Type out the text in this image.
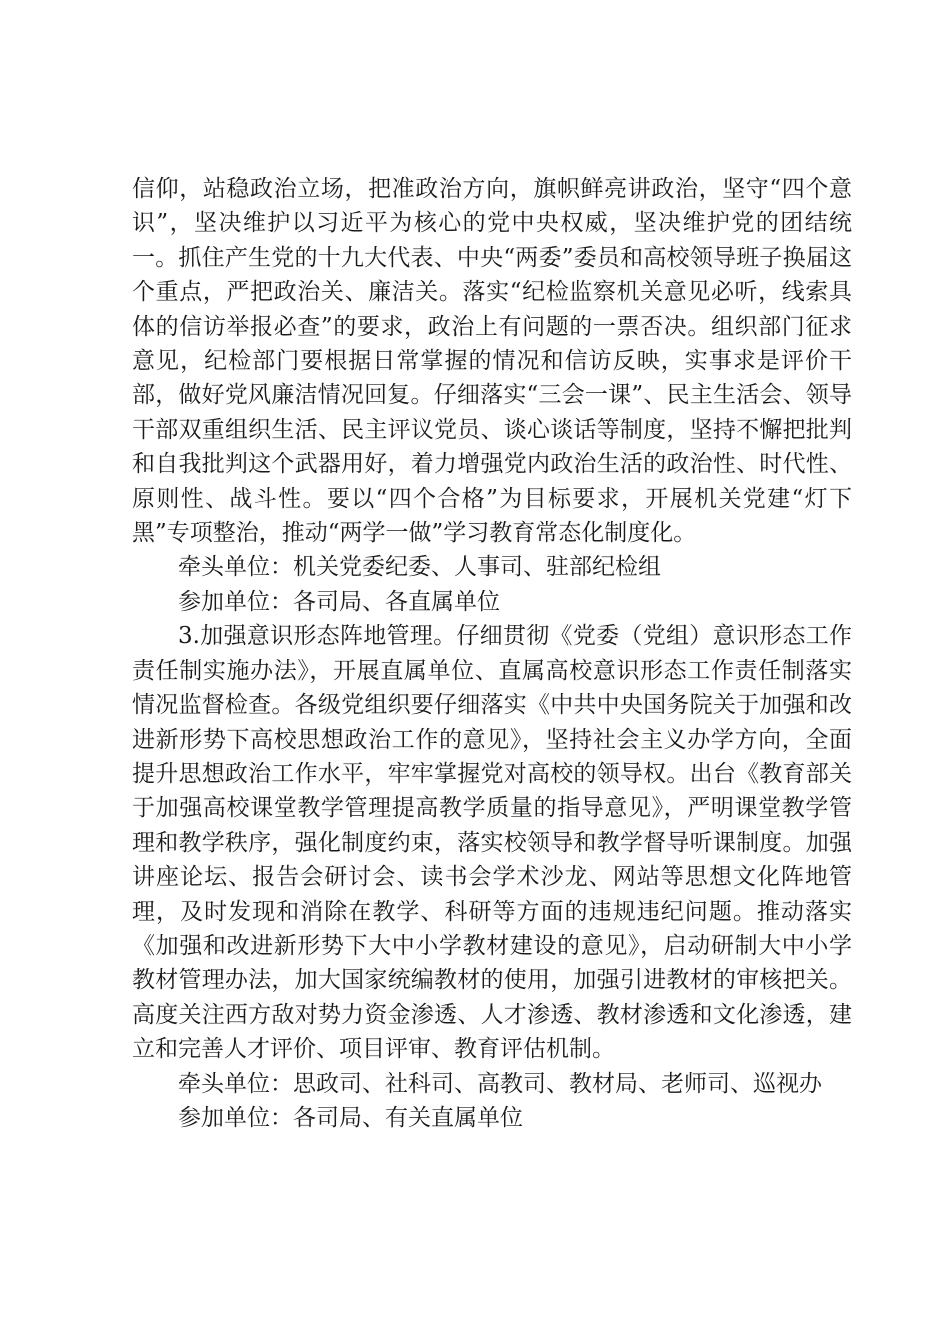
信仰，站稳政治立场，把准政治方向，旗帜鲜亮讲政治，坚守“四个意识”，坚决维护以习近平为核心的党中央权威，坚决维护党的团结统一。抓住产生党的十九大代表、中央“两委”委员和高校领导班子换届这个重点，严把政治关、廉洁关。落实“纪检监察机关意见必听，线索具体的信访举报必查”的要求，政治上有问题的一票否决。组织部门征求意见，纪检部门要根据日常掌握的情况和信访反映，实事求是评价干部，做好党风廉洁情况回复。仔细落实“三会一课”、民主生活会、领导干部双重组织生活、民主评议党员、谈心谈话等制度，坚持不懈把批判和自我批判这个武器用好，着力增强党内政治生活的政治性、时代性、原则性、战斗性。要以“四个合格”为目标要求，开展机关党建“灯下黑”专项整治，推动“两学一做”学习教育常态化制度化。

牵头单位：机关党委纪委、人事司、驻部纪检组

参加单位：各司局、各直属单位

3.加强意识形态阵地管理。仔细贯彻《党委（党组）意识形态工作责任制实施办法》，开展直属单位、直属高校意识形态工作责任制落实情况监督检查。各级党组织要仔细落实《中共中央国务院关于加强和改进新形势下高校思想政治工作的意见》，坚持社会主义办学方向，全面提升思想政治工作水平，牢牢掌握党对高校的领导权。出台《教育部关于加强高校课堂教学管理提高教学质量的指导意见》，严明课堂教学管理和教学秩序，强化制度约束，落实校领导和教学督导听课制度。加强讲座论坛、报告会研讨会、读书会学术沙龙、网站等思想文化阵地管理，及时发现和消除在教学、科研等方面的违规违纪问题。推动落实《加强和改进新形势下大中小学教材建设的意见》，启动研制大中小学教材管理办法，加大国家统编教材的使用，加强引进教材的审核把关。高度关注西方敌对势力资金渗透、人才渗透、教材渗透和文化渗透，建立和完善人才评价、项目评审、教育评估机制。

牵头单位：思政司、社科司、高教司、教材局、老师司、巡视办

参加单位：各司局、有关直属单位
